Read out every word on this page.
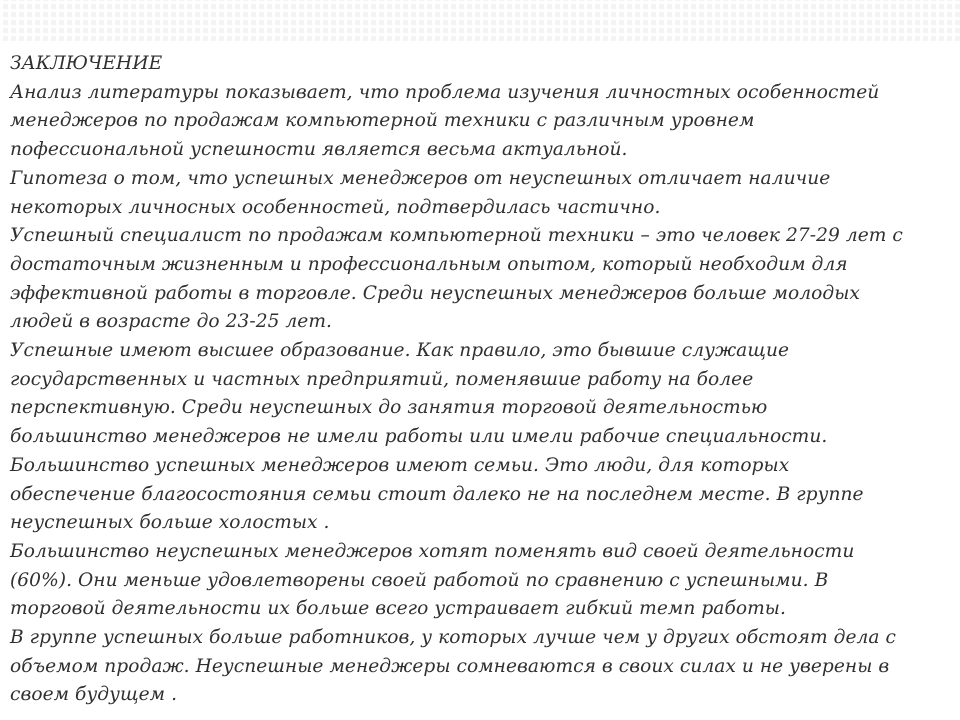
ЗАКЛЮЧЕНИЕ
Анализ литературы показывает, что проблема изучения личностных особенностей
менеджеров по продажам компьютерной техники с различным уровнем
пофессиональной успешности является весьма актуальной.
Гипотеза о том, что успешных менеджеров от неуспешных отличает наличие
некоторых личносных особенностей, подтвердилась частично.
Успешный специалист по продажам компьютерной техники – это человек 27-29 лет с
достаточным жизненным и профессиональным опытом, который необходим для
эффективной работы в торговле. Среди неуспешных менеджеров больше молодых
людей в возрасте до 23-25 лет.
Успешные имеют высшее образование. Как правило, это бывшие служащие
государственных и частных предприятий, поменявшие работу на более
перспективную. Среди неуспешных до занятия торговой деятельностью
большинство менеджеров не имели работы или имели рабочие специальности.
Большинство успешных менеджеров имеют семьи. Это люди, для которых
обеспечение благосостояния семьи стоит далеко не на последнем месте. В группе
неуспешных больше холостых .
Большинство неуспешных менеджеров хотят поменять вид своей деятельности
(60%). Они меньше удовлетворены своей работой по сравнению с успешными. В
торговой деятельности их больше всего устраивает гибкий темп работы.
В группе успешных больше работников, у которых лучше чем у других обстоят дела с
объемом продаж. Неуспешные менеджеры сомневаются в своих силах и не уверены в
своем будущем .
